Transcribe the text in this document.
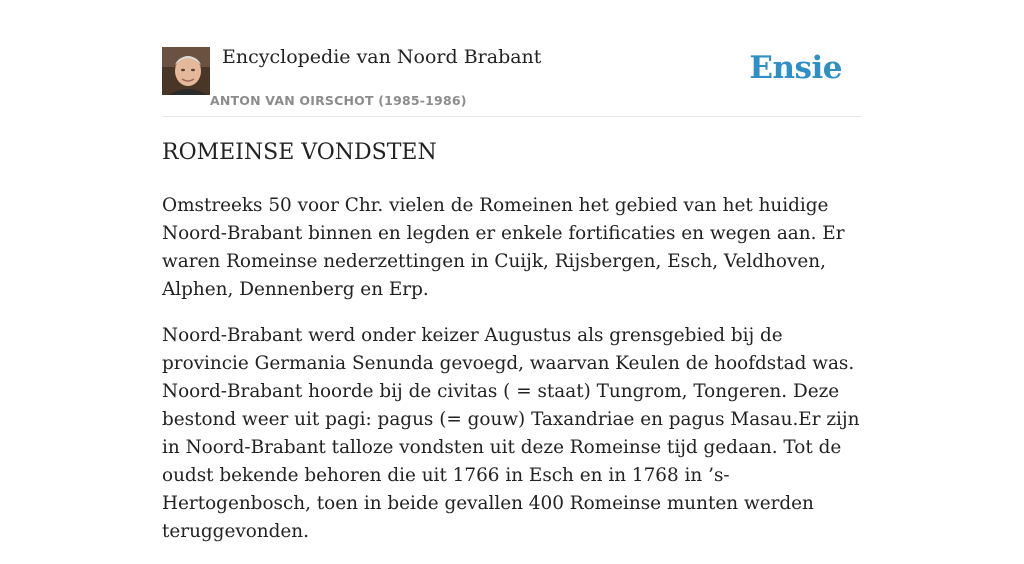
Encyclopedie van Noord Brabant
ANTON VAN OIRSCHOT (1985-1986)
Ensie
ROMEINSE VONDSTEN

Omstreeks 50 voor Chr. vielen de Romeinen het gebied van het huidige Noord-Brabant binnen en legden er enkele fortificaties en wegen aan. Er waren Romeinse nederzettingen in Cuijk, Rijsbergen, Esch, Veldhoven, Alphen, Dennenberg en Erp.

Noord-Brabant werd onder keizer Augustus als grensgebied bij de provincie Germania Senunda gevoegd, waarvan Keulen de hoofdstad was. Noord-Brabant hoorde bij de civitas ( = staat) Tungrom, Tongeren. Deze bestond weer uit pagi: pagus (= gouw) Taxandriae en pagus Masau.Er zijn in Noord-Brabant talloze vondsten uit deze Romeinse tijd gedaan. Tot de oudst bekende behoren die uit 1766 in Esch en in 1768 in ’s-Hertogenbosch, toen in beide gevallen 400 Romeinse munten werden teruggevonden.
